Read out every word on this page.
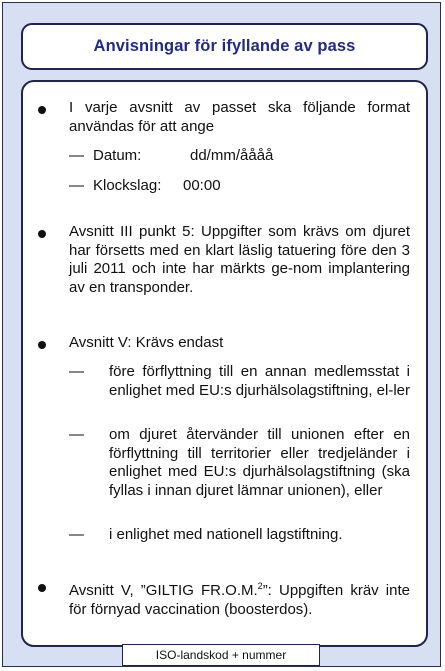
Anvisningar för ifyllande av pass
I varje avsnitt av passet ska följande format användas för att ange
— Datum:	dd/mm/åååå
— Klockslag: 00:00
Avsnitt III punkt 5: Uppgifter som krävs om djuret har försetts med en klart läslig tatuering före den 3 juli 2011 och inte har märkts ge-nom implantering av en transponder.
Avsnitt V: Krävs endast
— före förflyttning till en annan medlemsstat i enlighet med EU:s djurhälsolagstiftning, el-ler
— om djuret återvänder till unionen efter en förflyttning till territorier eller tredjeländer i enlighet med EU:s djurhälsolagstiftning (ska fyllas i innan djuret lämnar unionen), eller
— i enlighet med nationell lagstiftning.
Avsnitt V, ”GILTIG FR.O.M.$^2$”: Uppgiften kräv inte för förnyad vaccination (boosterdos).
ISO-landskod + nummer
